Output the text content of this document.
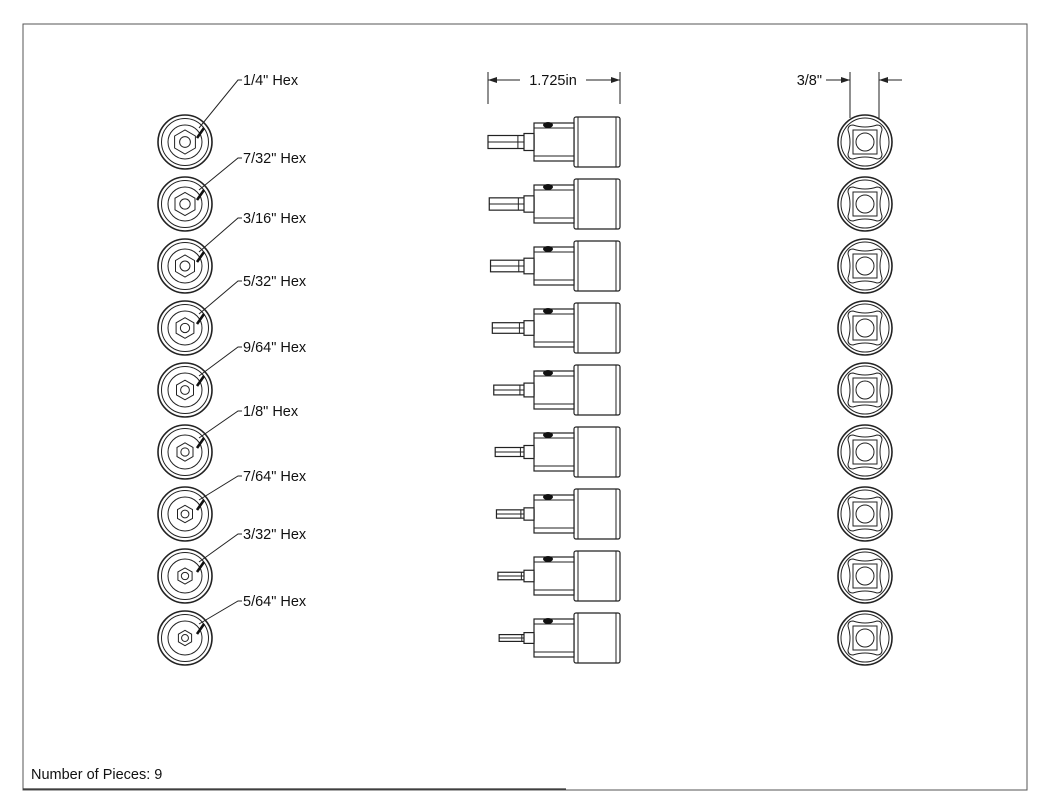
1/4" Hex
7/32" Hex
3/16" Hex
5/32" Hex
9/64" Hex
1/8" Hex
7/64" Hex
3/32" Hex
5/64" Hex
1.725in	3/8"
Number of Pieces: 9
